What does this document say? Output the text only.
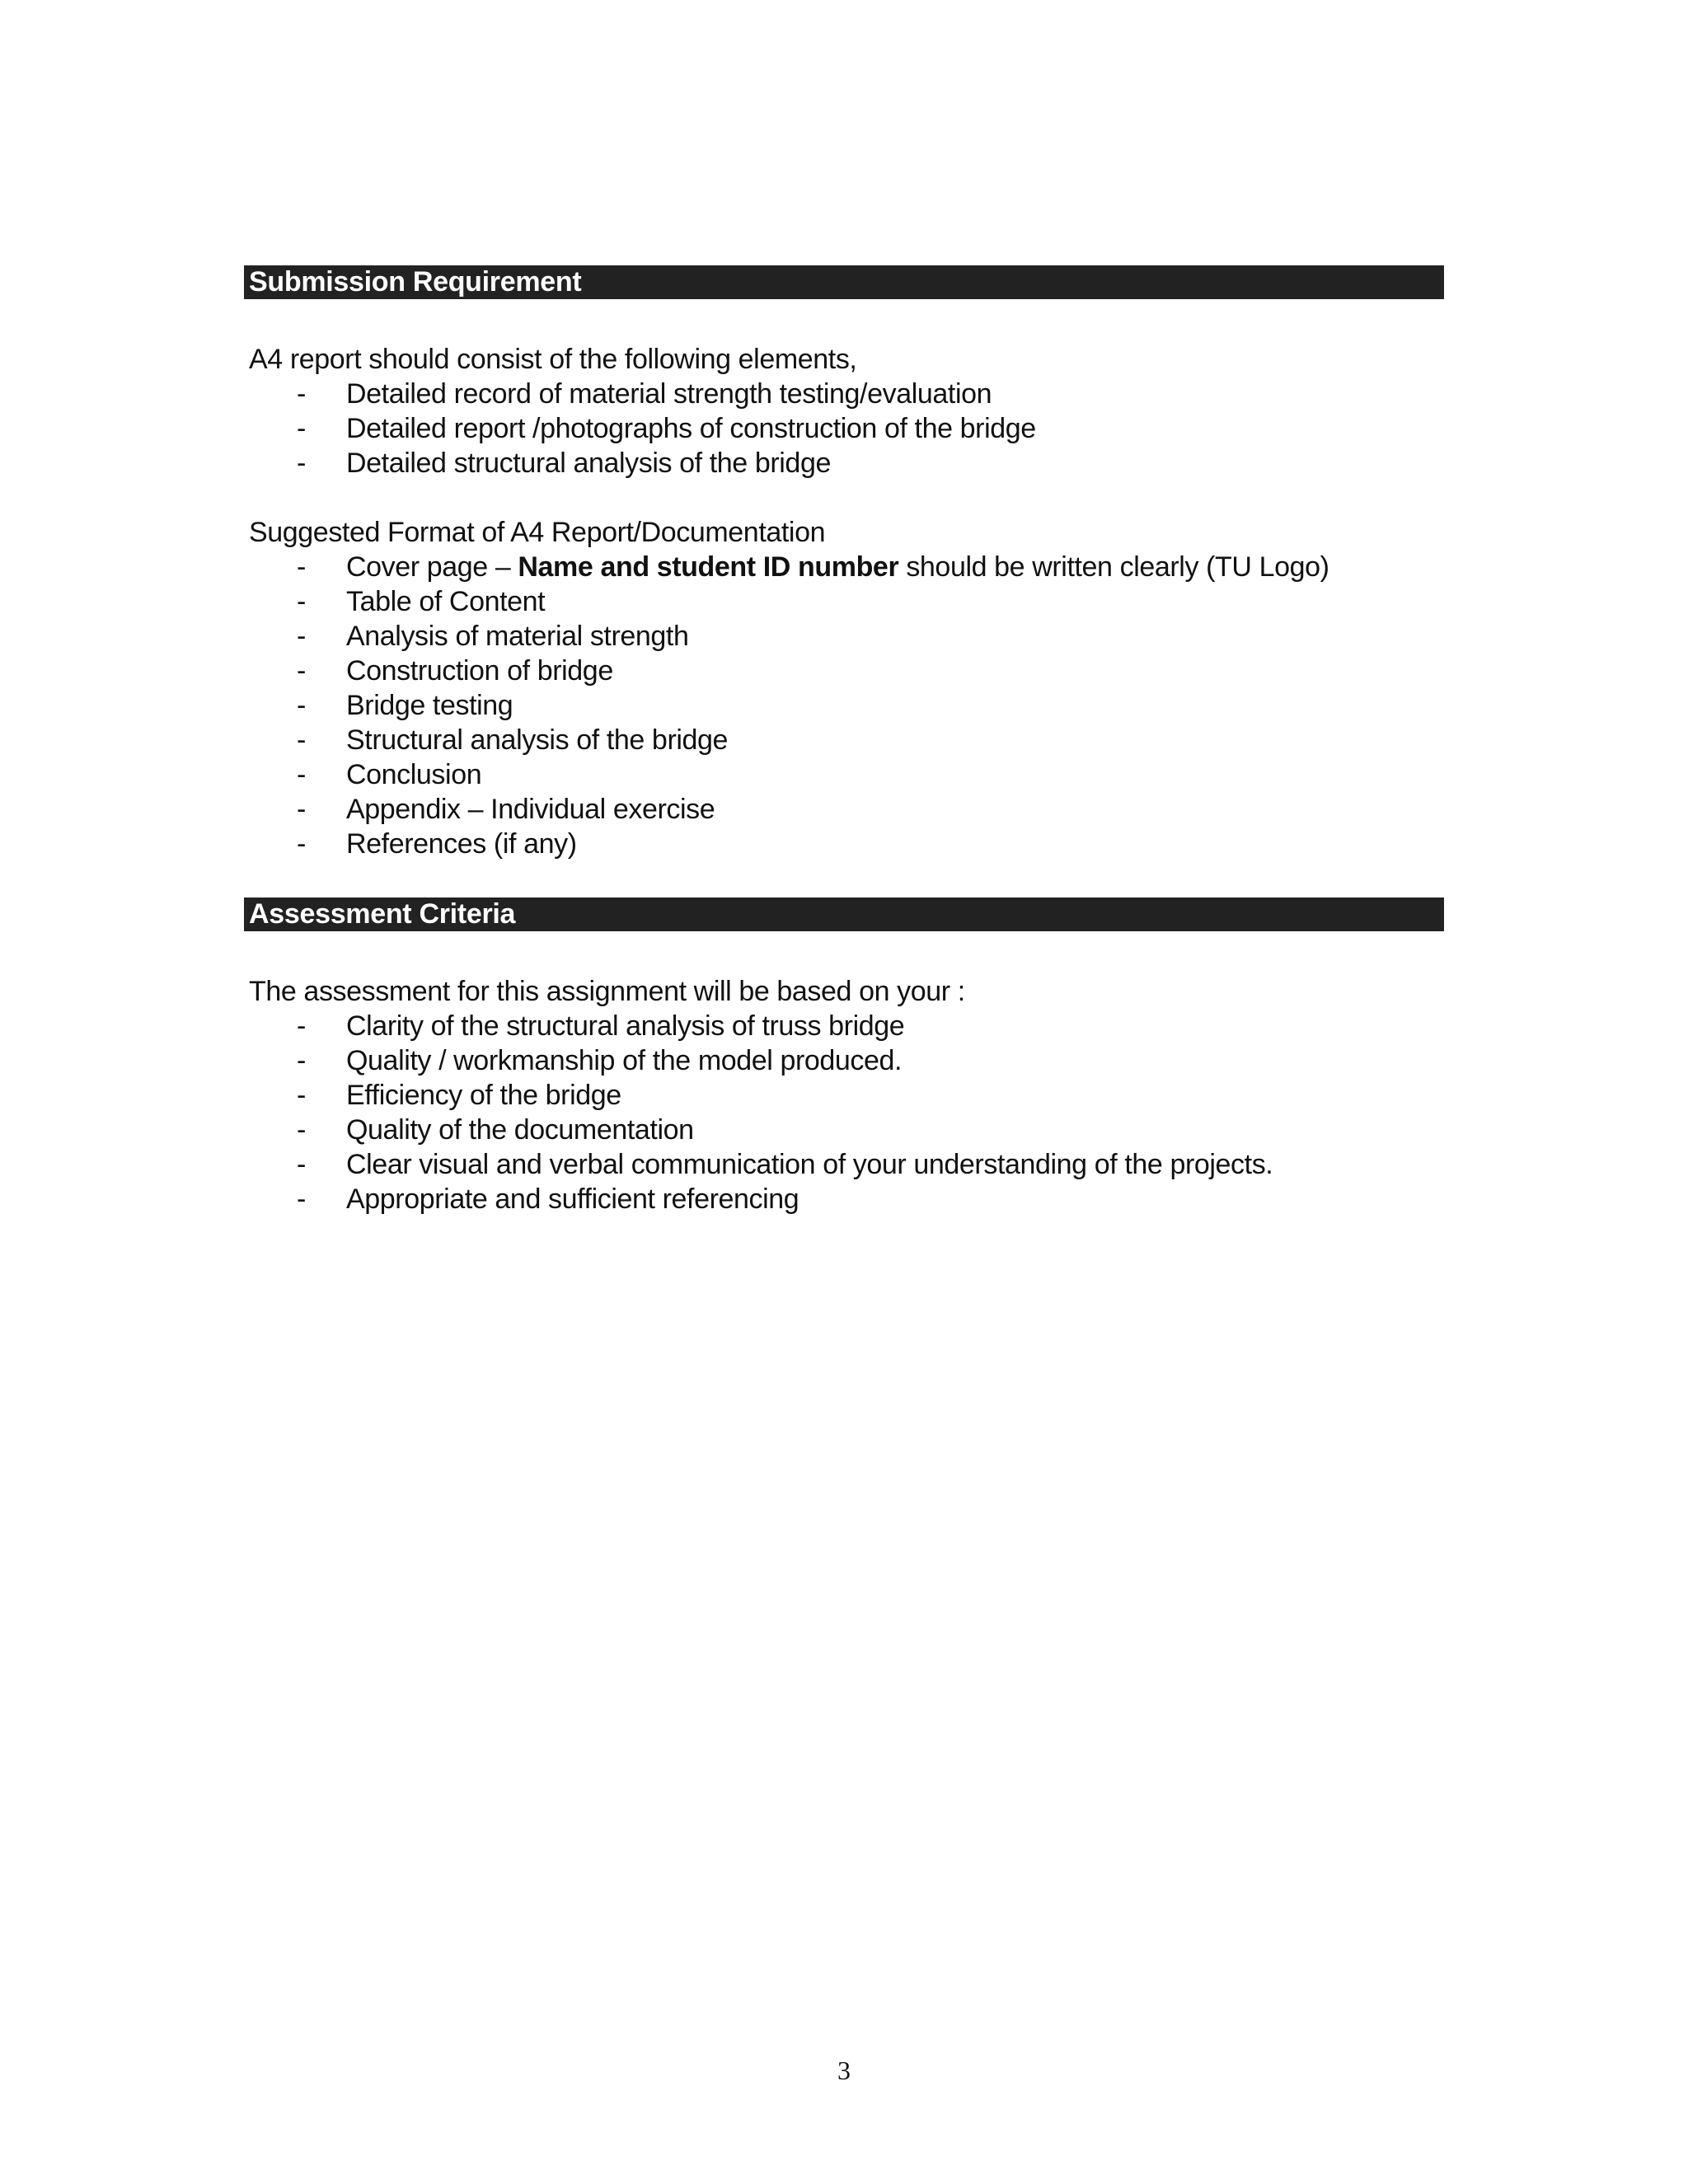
Submission Requirement
A4 report should consist of the following elements,
- Detailed record of material strength testing/evaluation
- Detailed report /photographs of construction of the bridge
- Detailed structural analysis of the bridge
Suggested Format of A4 Report/Documentation
- Cover page – Name and student ID number should be written clearly (TU Logo)
- Table of Content
- Analysis of material strength
- Construction of bridge
- Bridge testing
- Structural analysis of the bridge
- Conclusion
- Appendix – Individual exercise
- References (if any)
Assessment Criteria
The assessment for this assignment will be based on your :
- Clarity of the structural analysis of truss bridge
- Quality / workmanship of the model produced.
- Efficiency of the bridge
- Quality of the documentation
- Clear visual and verbal communication of your understanding of the projects.
- Appropriate and sufficient referencing
3
